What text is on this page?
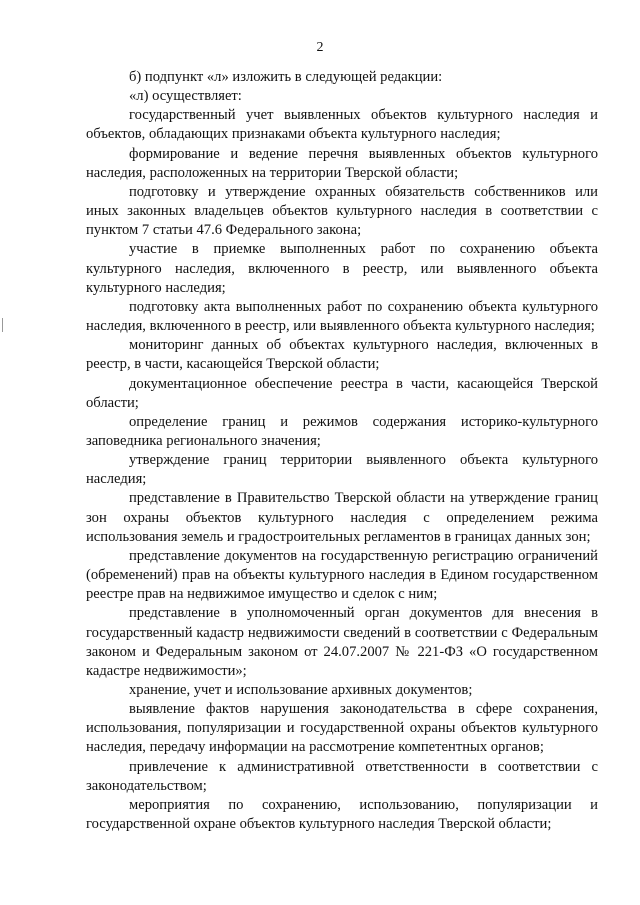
2

б) подпункт «л» изложить в следующей редакции:

«л) осуществляет:

государственный учет выявленных объектов культурного наследия и объектов, обладающих признаками объекта культурного наследия;

формирование и ведение перечня выявленных объектов культурного наследия, расположенных на территории Тверской области;

подготовку и утверждение охранных обязательств собственников или иных законных владельцев объектов культурного наследия в соответствии с пунктом 7 статьи 47.6 Федерального закона;

участие в приемке выполненных работ по сохранению объекта культурного наследия, включенного в реестр, или выявленного объекта культурного наследия;

подготовку акта выполненных работ по сохранению объекта культурного наследия, включенного в реестр, или выявленного объекта культурного наследия;

мониторинг данных об объектах культурного наследия, включенных в реестр, в части, касающейся Тверской области;

документационное обеспечение реестра в части, касающейся Тверской области;

определение границ и режимов содержания историко-культурного заповедника регионального значения;

утверждение границ территории выявленного объекта культурного наследия;

представление в Правительство Тверской области на утверждение границ зон охраны объектов культурного наследия с определением режима использования земель и градостроительных регламентов в границах данных зон;

представление документов на государственную регистрацию ограничений (обременений) прав на объекты культурного наследия в Едином государственном реестре прав на недвижимое имущество и сделок с ним;

представление в уполномоченный орган документов для внесения в государственный кадастр недвижимости сведений в соответствии с Федеральным законом и Федеральным законом от 24.07.2007 № 221-ФЗ «О государственном кадастре недвижимости»;

хранение, учет и использование архивных документов;

выявление фактов нарушения законодательства в сфере сохранения, использования, популяризации и государственной охраны объектов культурного наследия, передачу информации на рассмотрение компетентных органов;

привлечение к административной ответственности в соответствии с законодательством;

мероприятия по сохранению, использованию, популяризации и государственной охране объектов культурного наследия Тверской области;
